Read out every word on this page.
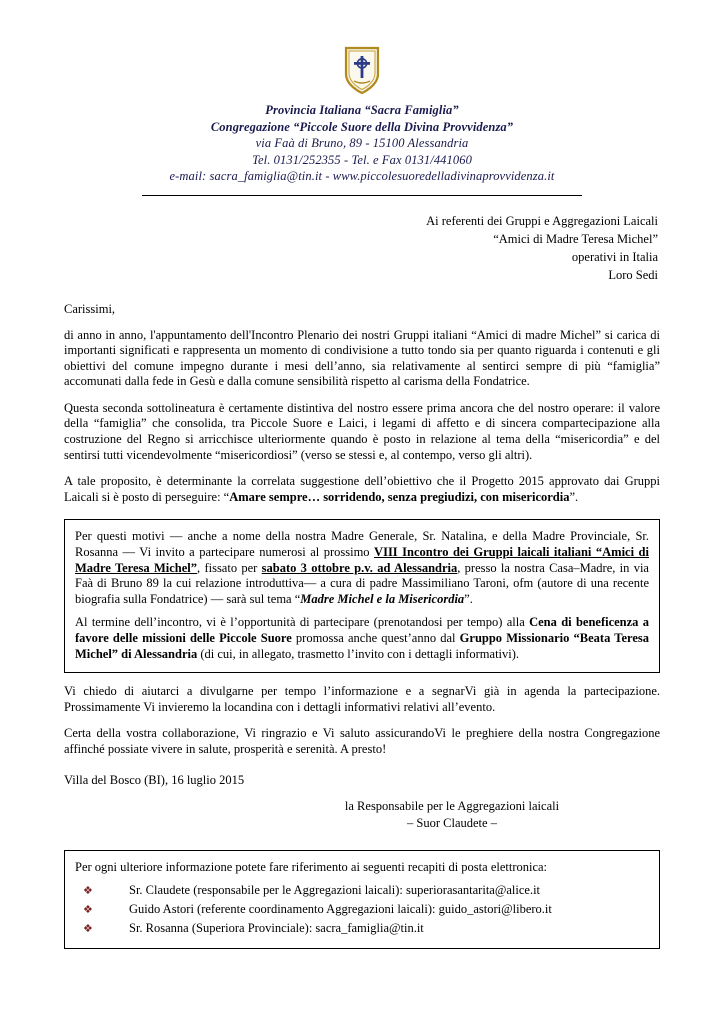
Provincia Italiana “Sacra Famiglia”
Congregazione “Piccole Suore della Divina Provvidenza”
via Faà di Bruno, 89 - 15100 Alessandria
Tel. 0131/252355 - Tel. e Fax 0131/441060
e-mail: sacra_famiglia@tin.it - www.piccolesuoredelladivinaprovvidenza.it
Ai referenti dei Gruppi e Aggregazioni Laicali
“Amici di Madre Teresa Michel”
operativi in Italia
Loro Sedi
Carissimi,

di anno in anno, l'appuntamento dell'Incontro Plenario dei nostri Gruppi italiani “Amici di madre Michel” si carica di importanti significati e rappresenta un momento di condivisione a tutto tondo sia per quanto riguarda i contenuti e gli obiettivi del comune impegno durante i mesi dell’anno, sia relativamente al sentirci sempre di più “famiglia” accomunati dalla fede in Gesù e dalla comune sensibilità rispetto al carisma della Fondatrice.

Questa seconda sottolineatura è certamente distintiva del nostro essere prima ancora che del nostro operare: il valore della “famiglia” che consolida, tra Piccole Suore e Laici, i legami di affetto e di sincera compartecipazione alla costruzione del Regno si arricchisce ulteriormente quando è posto in relazione al tema della “misericordia” e del sentirsi tutti vicendevolmente “misericordiosi” (verso se stessi e, al contempo, verso gli altri).

A tale proposito, è determinante la correlata suggestione dell’obiettivo che il Progetto 2015 approvato dai Gruppi Laicali si è posto di perseguire: “Amare sempre… sorridendo, senza pregiudizi, con misericordia”.

Per questi motivi — anche a nome della nostra Madre Generale, Sr. Natalina, e della Madre Provinciale, Sr. Rosanna — Vi invito a partecipare numerosi al prossimo VIII Incontro dei Gruppi laicali italiani “Amici di Madre Teresa Michel”, fissato per sabato 3 ottobre p.v. ad Alessandria, presso la nostra Casa–Madre, in via Faà di Bruno 89 la cui relazione introduttiva— a cura di padre Massimiliano Taroni, ofm (autore di una recente biografia sulla Fondatrice) — sarà sul tema “Madre Michel e la Misericordia”.

Al termine dell’incontro, vi è l’opportunità di partecipare (prenotandosi per tempo) alla Cena di beneficenza a favore delle missioni delle Piccole Suore promossa anche quest’anno dal Gruppo Missionario “Beata Teresa Michel” di Alessandria (di cui, in allegato, trasmetto l’invito con i dettagli informativi).

Vi chiedo di aiutarci a divulgarne per tempo l’informazione e a segnarVi già in agenda la partecipazione. Prossimamente Vi invieremo la locandina con i dettagli informativi relativi all’evento.

Certa della vostra collaborazione, Vi ringrazio e Vi saluto assicurandoVi le preghiere della nostra Congregazione affinché possiate vivere in salute, prosperità e serenità. A presto!

Villa del Bosco (BI), 16 luglio 2015
la Responsabile per le Aggregazioni laicali
– Suor Claudete –

Per ogni ulteriore informazione potete fare riferimento ai seguenti recapiti di posta elettronica:

❖	Sr. Claudete (responsabile per le Aggregazioni laicali): superiorasantarita@alice.it
❖	Guido Astori (referente coordinamento Aggregazioni laicali): guido_astori@libero.it
❖	Sr. Rosanna (Superiora Provinciale): sacra_famiglia@tin.it
